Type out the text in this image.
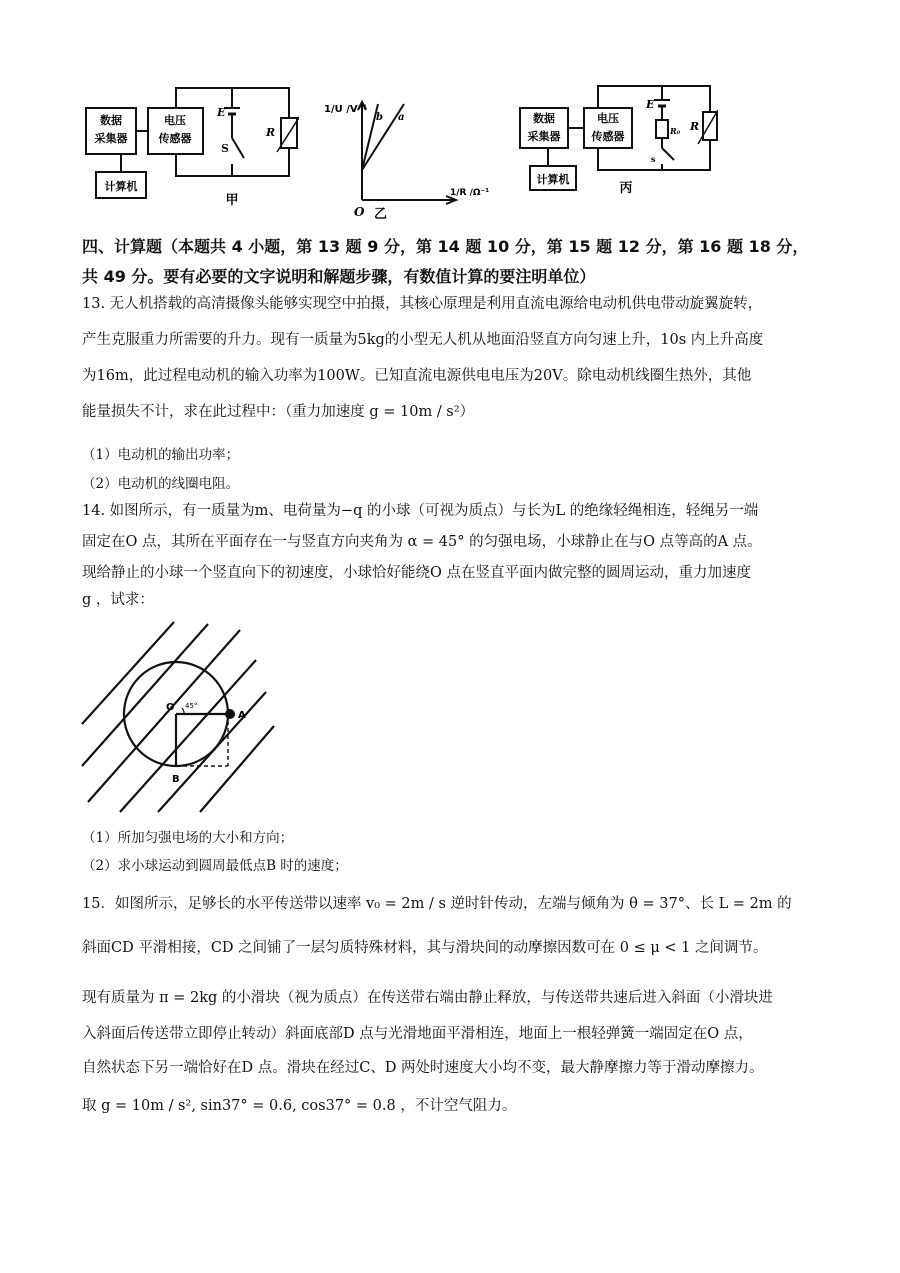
数据
采集器
电压
传感器
计算机
E
S
R
甲
1/U /V⁻¹
b a
1/R /Ω⁻¹
O 乙
数据
采集器
电压
传感器
计算机
E
R₀
s
R
丙
四、计算题（本题共 4 小题，第 13 题 9 分，第 14 题 10 分，第 15 题 12 分，第 16 题 18 分，
共 49 分。要有必要的文字说明和解题步骤，有数值计算的要注明单位）
13. 无人机搭载的高清摄像头能够实现空中拍摄，其核心原理是利用直流电源给电动机供电带动旋翼旋转，
产生克服重力所需要的升力。现有一质量为5kg的小型无人机从地面沿竖直方向匀速上升，10s 内上升高度
为16m，此过程电动机的输入功率为100W。已知直流电源供电电压为20V。除电动机线圈生热外，其他
能量损失不计，求在此过程中：（重力加速度 g = 10m / s²）
（1）电动机的输出功率；
（2）电动机的线圈电阻。
14. 如图所示，有一质量为m、电荷量为−q 的小球（可视为质点）与长为L 的绝缘轻绳相连，轻绳另一端
固定在O 点，其所在平面存在一与竖直方向夹角为 α = 45° 的匀强电场，小球静止在与O 点等高的A 点。
现给静止的小球一个竖直向下的初速度，小球恰好能绕O 点在竖直平面内做完整的圆周运动，重力加速度
g ，试求：
O 45°
A
B
（1）所加匀强电场的大小和方向；
（2）求小球运动到圆周最低点B 时的速度；
15．如图所示，足够长的水平传送带以速率 v₀ = 2m / s 逆时针传动，左端与倾角为 θ = 37°、长 L = 2m 的
斜面CD 平滑相接，CD 之间铺了一层匀质特殊材料，其与滑块间的动摩擦因数可在 0 ≤ μ < 1 之间调节。
现有质量为 π = 2kg 的小滑块（视为质点）在传送带右端由静止释放，与传送带共速后进入斜面（小滑块进
入斜面后传送带立即停止转动）斜面底部D 点与光滑地面平滑相连，地面上一根轻弹簧一端固定在O 点，
自然状态下另一端恰好在D 点。滑块在经过C、D 两处时速度大小均不变，最大静摩擦力等于滑动摩擦力。
取 g = 10m / s², sin37° = 0.6, cos37° = 0.8 ，不计空气阻力。
